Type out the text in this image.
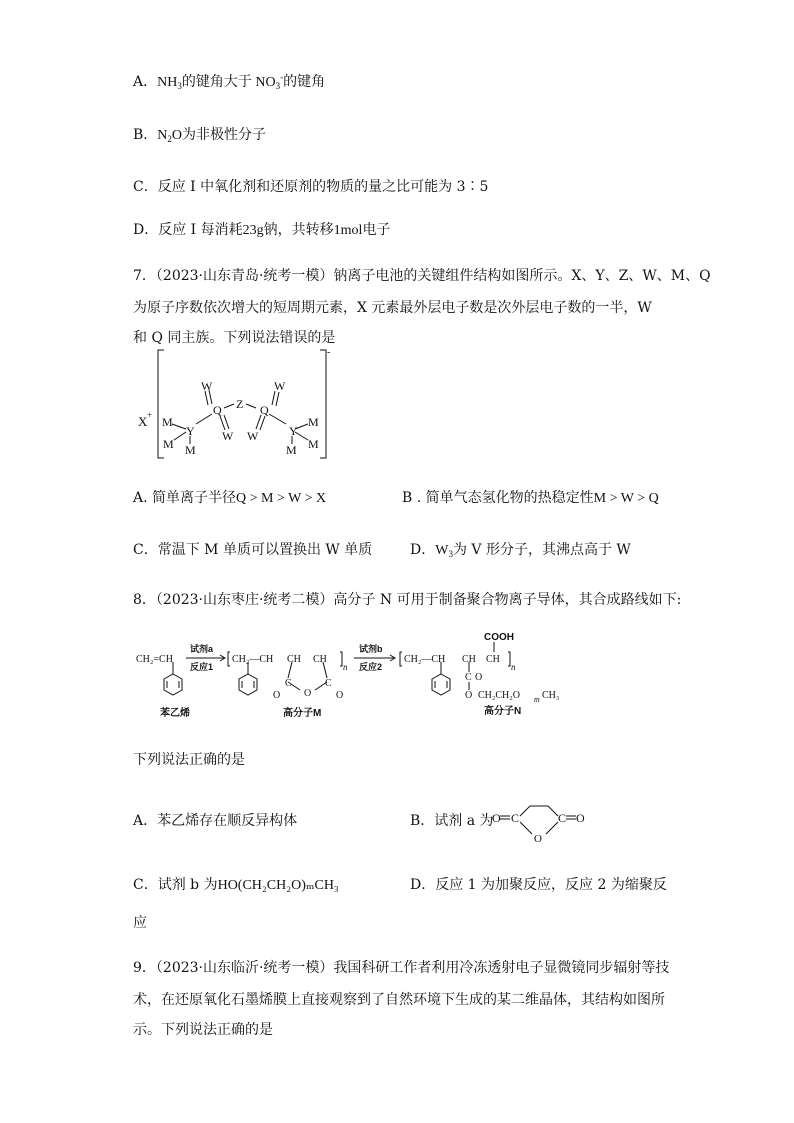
A．$NH_3$的键角大于 $NO_3^-$的键角
B．$N_2O$为非极性分子
C．反应 I 中氧化剂和还原剂的物质的量之比可能为 3∶5
D．反应 I 每消耗23g钠，共转移1mol电子
7．（2023·山东青岛·统考一模）钠离子电池的关键组件结构如图所示。X、Y、Z、W、M、Q
为原子序数依次增大的短周期元素，X 元素最外层电子数是次外层电子数的一半，W
和 Q 同主族。下列说法错误的是
X +
-
W
Q
W
Z
W
Q
W
Y	Y
M
M M
M
M
M
A. 简单离子半径Q > M > W > X	B . 简单气态氢化物的热稳定性M > W > Q
C．常温下 M 单质可以置换出 W 单质	D．$W_3$为 V 形分子，其沸点高于 W
8．（2023·山东枣庄·统考二模）高分子 N 可用于制备聚合物离子导体，其合成路线如下:
CH₂=CH
苯乙烯
试剂a
反应1
CH₂—CH CH CH
n
C	C
O	O
O
高分子M
试剂b
反应2
CH₂—CH CH CH
COOH
n
C O
O CH₂CH₂O m CH₃
高分子N
下列说法正确的是
A．苯乙烯存在顺反异构体	B．试剂 a 为
O C	C O
O
C．试剂 b 为HO(CH₂CH₂O)ₘCH₃	D．反应 1 为加聚反应，反应 2 为缩聚反
应
9．（2023·山东临沂·统考一模）我国科研工作者利用冷冻透射电子显微镜同步辐射等技
术，在还原氧化石墨烯膜上直接观察到了自然环境下生成的某二维晶体，其结构如图所
示。下列说法正确的是
